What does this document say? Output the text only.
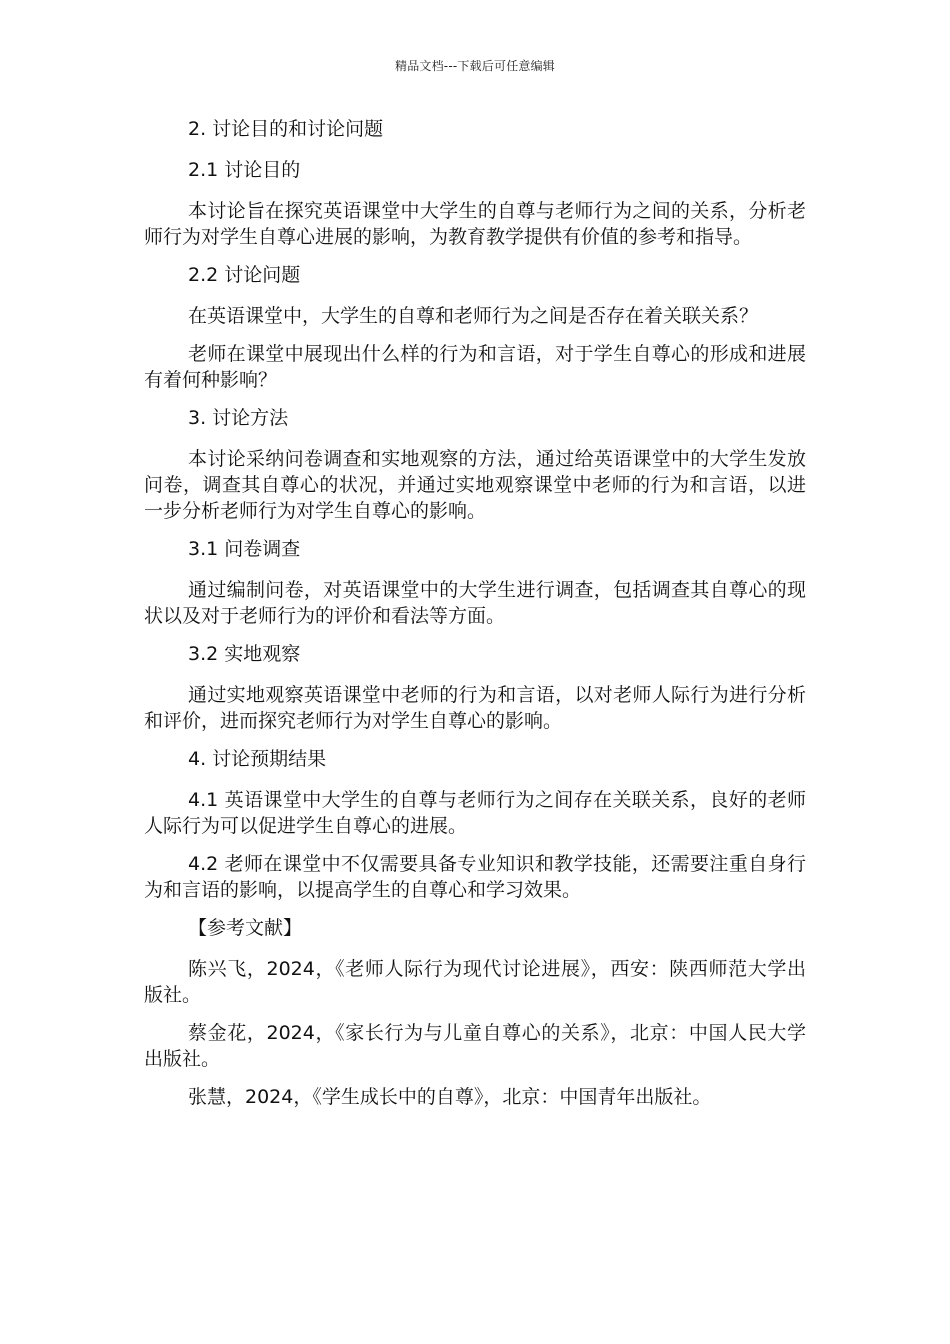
精品文档---下载后可任意编辑

2. 讨论目的和讨论问题

2.1 讨论目的

本讨论旨在探究英语课堂中大学生的自尊与老师行为之间的关系，分析老师行为对学生自尊心进展的影响，为教育教学提供有价值的参考和指导。

2.2 讨论问题

在英语课堂中，大学生的自尊和老师行为之间是否存在着关联关系？

老师在课堂中展现出什么样的行为和言语，对于学生自尊心的形成和进展有着何种影响？

3. 讨论方法

本讨论采纳问卷调查和实地观察的方法，通过给英语课堂中的大学生发放问卷，调查其自尊心的状况，并通过实地观察课堂中老师的行为和言语，以进一步分析老师行为对学生自尊心的影响。

3.1 问卷调查

通过编制问卷，对英语课堂中的大学生进行调查，包括调查其自尊心的现状以及对于老师行为的评价和看法等方面。

3.2 实地观察

通过实地观察英语课堂中老师的行为和言语，以对老师人际行为进行分析和评价，进而探究老师行为对学生自尊心的影响。

4. 讨论预期结果

4.1 英语课堂中大学生的自尊与老师行为之间存在关联关系，良好的老师人际行为可以促进学生自尊心的进展。

4.2 老师在课堂中不仅需要具备专业知识和教学技能，还需要注重自身行为和言语的影响，以提高学生的自尊心和学习效果。

【参考文献】

陈兴飞，2024，《老师人际行为现代讨论进展》，西安：陕西师范大学出版社。

蔡金花，2024，《家长行为与儿童自尊心的关系》，北京：中国人民大学出版社。

张慧，2024，《学生成长中的自尊》，北京：中国青年出版社。
